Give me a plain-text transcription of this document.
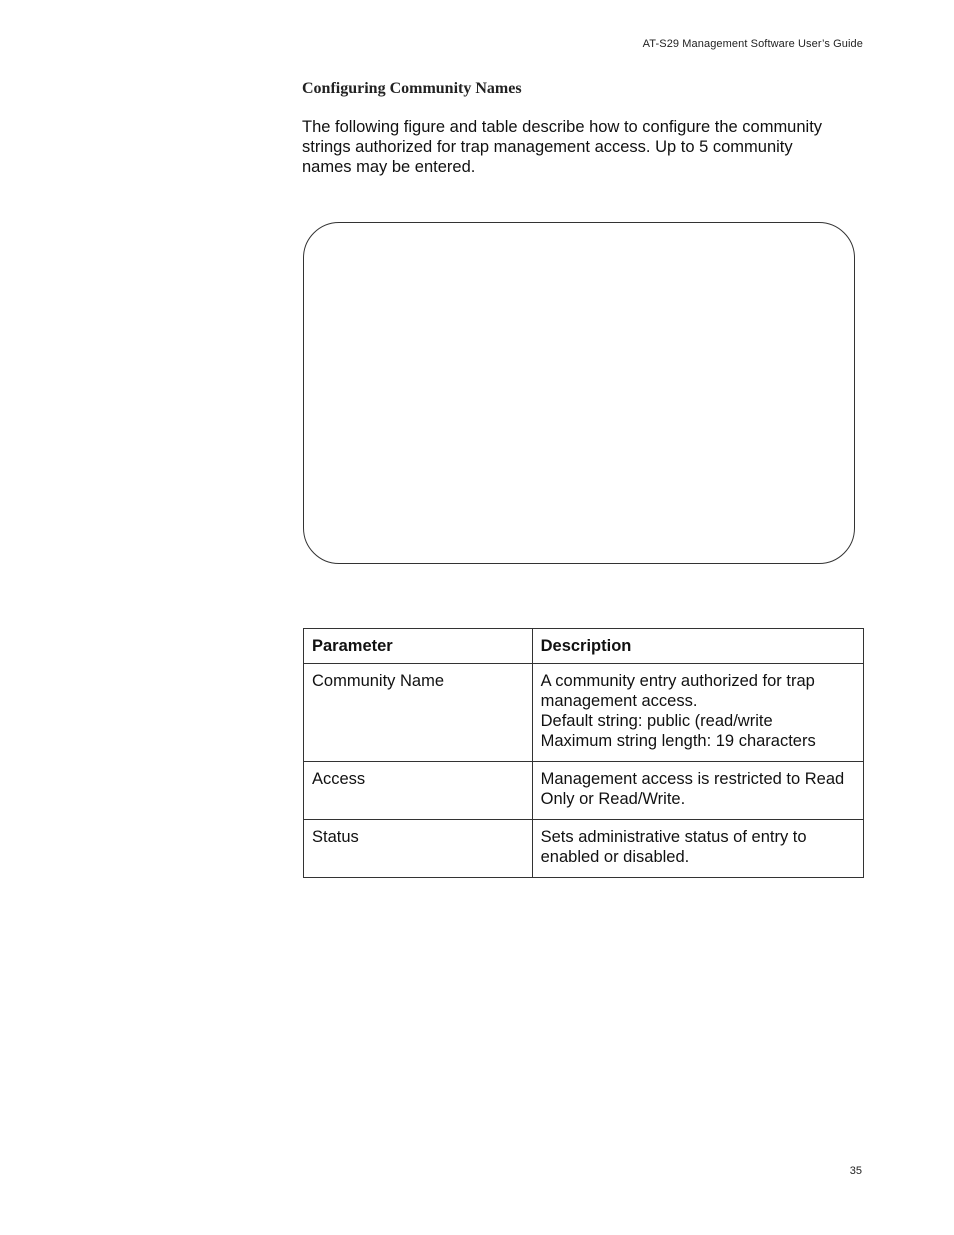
AT-S29 Management Software User’s Guide
Configuring Community Names

The following figure and table describe how to configure the community strings authorized for trap management access. Up to 5 community names may be entered.

Parameter	Description
Community Name	A community entry authorized for trap management access.
Default string: public (read/write
Maximum string length: 19 characters

Access	Management access is restricted to Read Only or Read/Write.

Status	Sets administrative status of entry to enabled or disabled.
35
